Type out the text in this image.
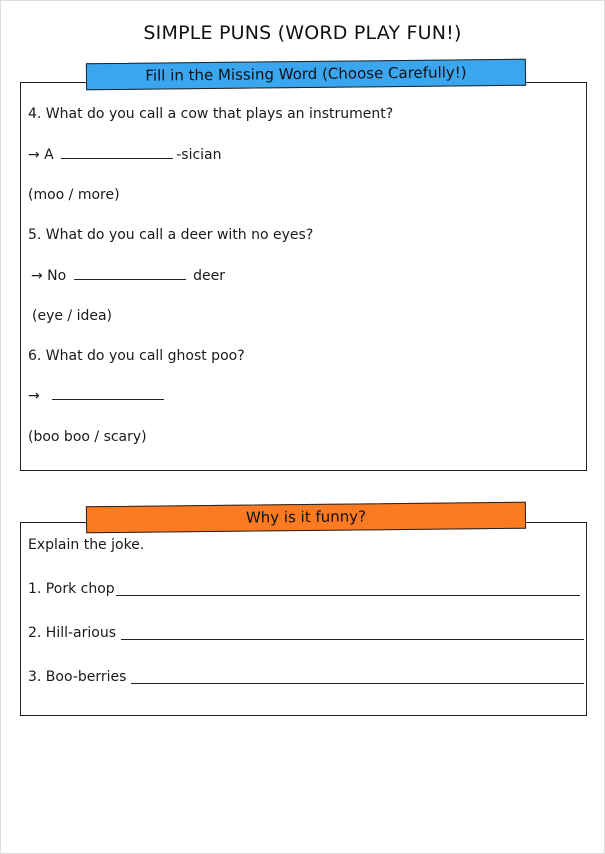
SIMPLE PUNS (WORD PLAY FUN!)
Fill in the Missing Word (Choose Carefully!)
4. What do you call a cow that plays an instrument?
→ A	-sician
(moo / more)
5. What do you call a deer with no eyes?
→ No	deer
(eye / idea)
6. What do you call ghost poo?
→
(boo boo / scary)
Why is it funny?
Explain the joke.
1. Pork chop
2. Hill-arious
3. Boo-berries
